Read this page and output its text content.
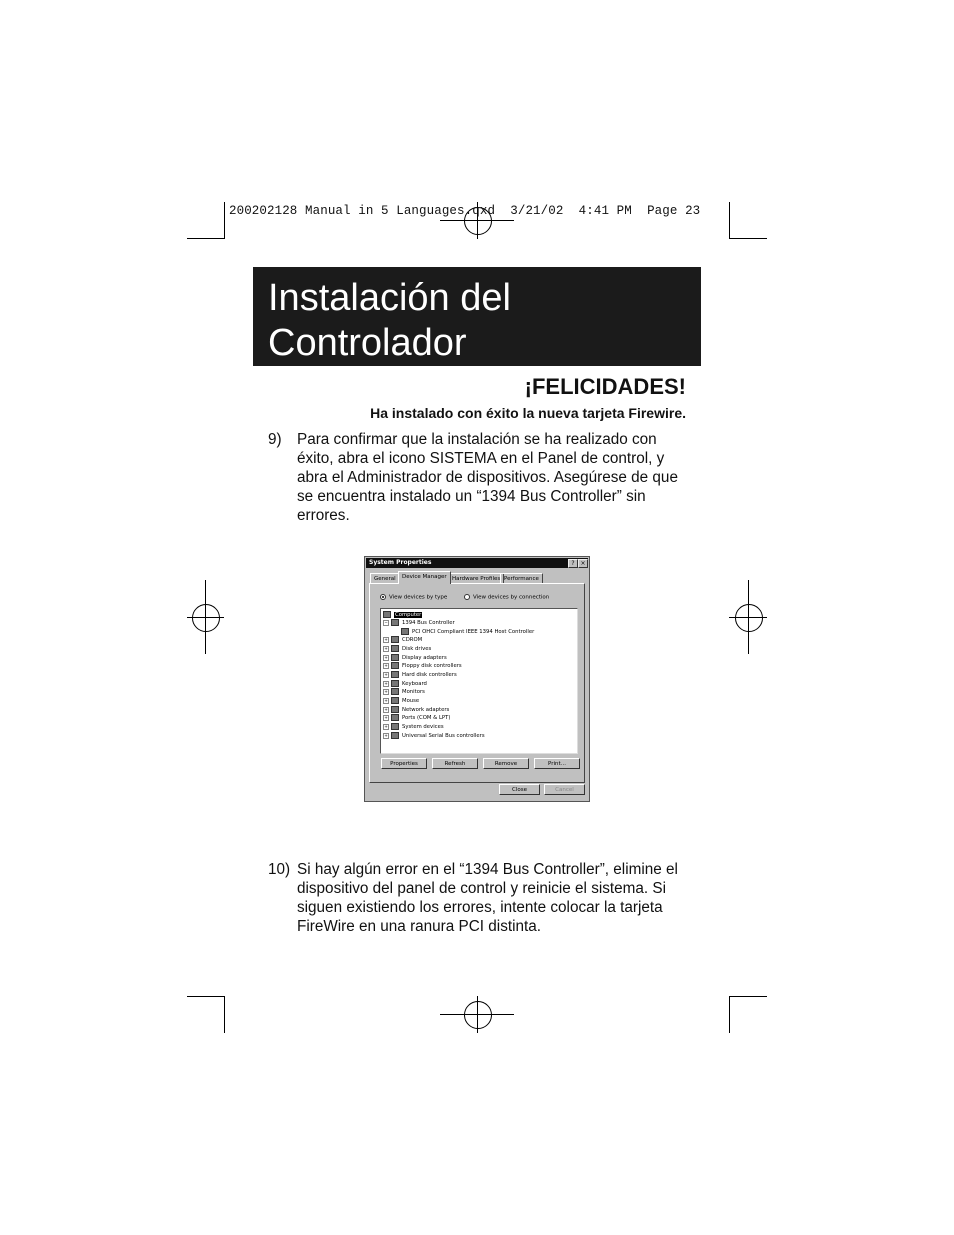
200202128 Manual in 5 Languages.qxd  3/21/02  4:41 PM  Page 23
Instalación del
Controlador
¡FELICIDADES!
Ha instalado con éxito la nueva tarjeta Firewire.
9) Para confirmar que la instalación se ha realizado con
éxito, abra el icono SISTEMA en el Panel de control, y
abra el Administrador de dispositivos. Asegúrese de que
se encuentra instalado un “1394 Bus Controller” sin
errores.
System Properties	? ×
General	Device Manager Hardware Profiles Performance
View devices by type	View devices by connection
Computer
−	1394 Bus Controller
PCI OHCI Compliant IEEE 1394 Host Controller
+	CDROM
+	Disk drives
+	Display adapters
+	Floppy disk controllers
+	Hard disk controllers
+	Keyboard
+	Monitors
+	Mouse
+	Network adapters
+	Ports (COM & LPT)
+	System devices
+	Universal Serial Bus controllers
Properties	Refresh	Remove	Print...
Close	Cancel
10) Si hay algún error en el “1394 Bus Controller”, elimine el
dispositivo del panel de control y reinicie el sistema. Si
siguen existiendo los errores, intente colocar la tarjeta
FireWire en una ranura PCI distinta.
